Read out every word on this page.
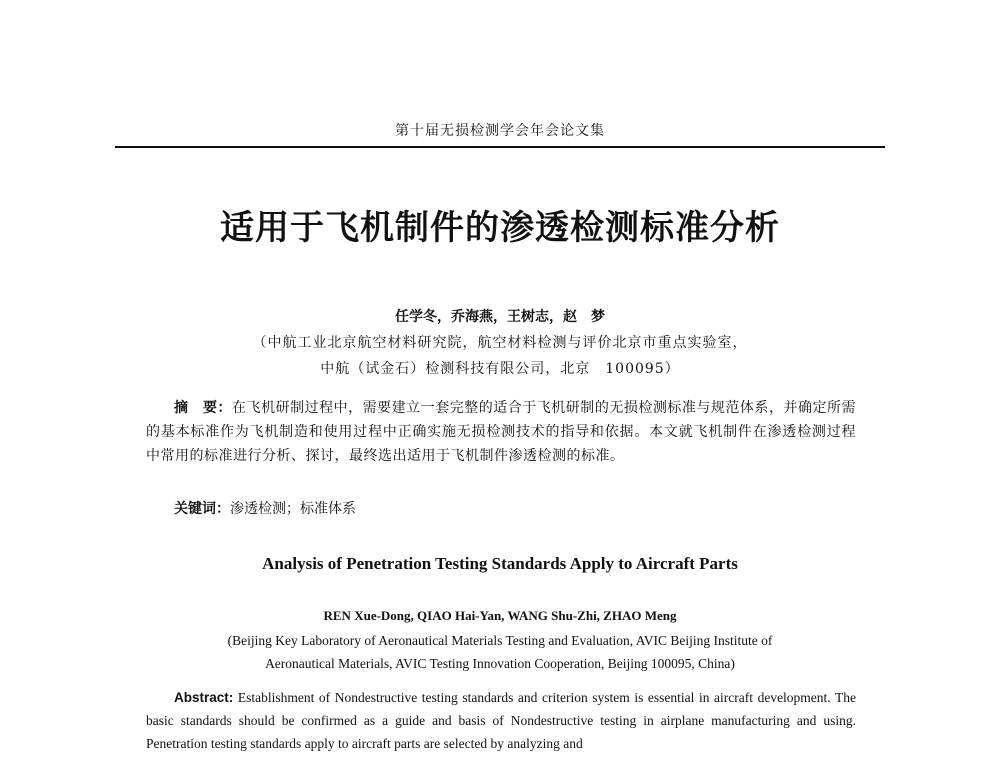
第十届无损检测学会年会论文集
适用于飞机制件的渗透检测标准分析
任学冬，乔海燕，王树志，赵　梦
（中航工业北京航空材料研究院，航空材料检测与评价北京市重点实验室，
中航（试金石）检测科技有限公司，北京　100095）
摘　要：在飞机研制过程中，需要建立一套完整的适合于飞机研制的无损检测标准与规范体系，并确定所需的基本标准作为飞机制造和使用过程中正确实施无损检测技术的指导和依据。本文就飞机制件在渗透检测过程中常用的标准进行分析、探讨，最终选出适用于飞机制件渗透检测的标准。
关键词：渗透检测；标准体系
Analysis of Penetration Testing Standards Apply to Aircraft Parts
REN Xue-Dong, QIAO Hai-Yan, WANG Shu-Zhi, ZHAO Meng
(Beijing Key Laboratory of Aeronautical Materials Testing and Evaluation, AVIC Beijing Institute of
Aeronautical Materials, AVIC Testing Innovation Cooperation, Beijing 100095, China)
Abstract: Establishment of Nondestructive testing standards and criterion system is essential in aircraft development. The basic standards should be confirmed as a guide and basis of Nondestructive testing in airplane manufacturing and using. Penetration testing standards apply to aircraft parts are selected by analyzing and
